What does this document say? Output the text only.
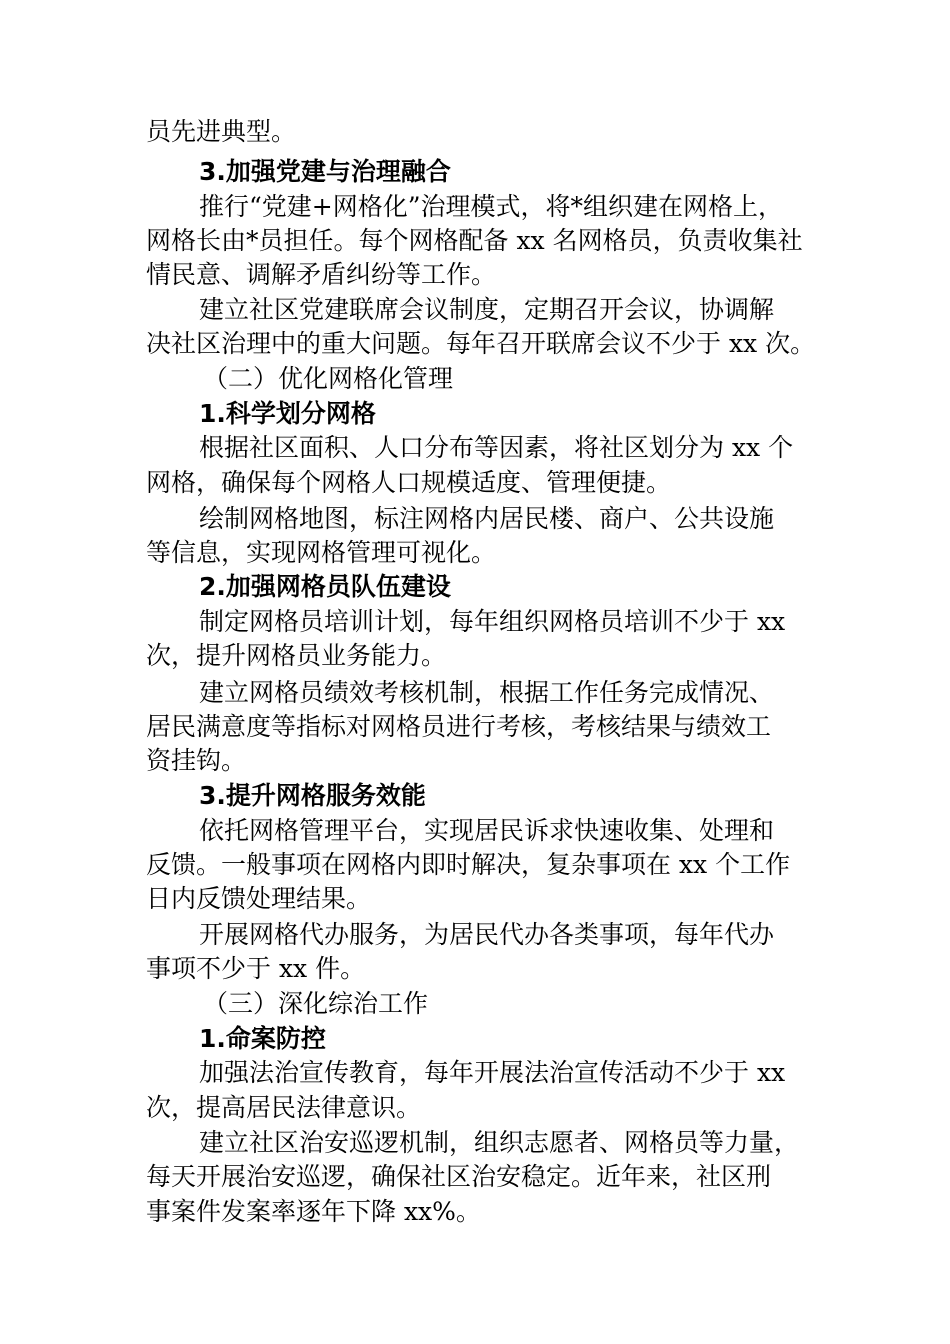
员先进典型。
3.加强党建与治理融合
推行“党建+网格化”治理模式，将*组织建在网格上，
网格长由*员担任。每个网格配备 xx 名网格员，负责收集社
情民意、调解矛盾纠纷等工作。
建立社区党建联席会议制度，定期召开会议，协调解
决社区治理中的重大问题。每年召开联席会议不少于 xx 次。
（二）优化网格化管理
1.科学划分网格
根据社区面积、人口分布等因素，将社区划分为 xx 个
网格，确保每个网格人口规模适度、管理便捷。
绘制网格地图，标注网格内居民楼、商户、公共设施
等信息，实现网格管理可视化。
2.加强网格员队伍建设
制定网格员培训计划，每年组织网格员培训不少于 xx
次，提升网格员业务能力。
建立网格员绩效考核机制，根据工作任务完成情况、
居民满意度等指标对网格员进行考核，考核结果与绩效工
资挂钩。
3.提升网格服务效能
依托网格管理平台，实现居民诉求快速收集、处理和
反馈。一般事项在网格内即时解决，复杂事项在 xx 个工作
日内反馈处理结果。
开展网格代办服务，为居民代办各类事项，每年代办
事项不少于 xx 件。
（三）深化综治工作
1.命案防控
加强法治宣传教育，每年开展法治宣传活动不少于 xx
次，提高居民法律意识。
建立社区治安巡逻机制，组织志愿者、网格员等力量，
每天开展治安巡逻，确保社区治安稳定。近年来，社区刑
事案件发案率逐年下降 xx%。
